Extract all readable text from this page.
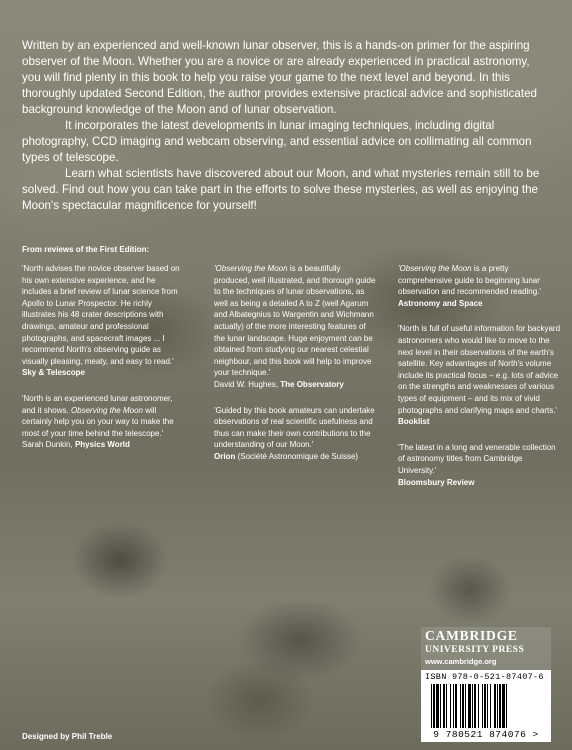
Written by an experienced and well-known lunar observer, this is a hands-on primer for the aspiring observer of the Moon. Whether you are a novice or are already experienced in practical astronomy, you will find plenty in this book to help you raise your game to the next level and beyond. In this thoroughly updated Second Edition, the author provides extensive practical advice and sophisticated background knowledge of the Moon and of lunar observation.

It incorporates the latest developments in lunar imaging techniques, including digital photography, CCD imaging and webcam observing, and essential advice on collimating all common types of telescope.

Learn what scientists have discovered about our Moon, and what mysteries remain still to be solved. Find out how you can take part in the efforts to solve these mysteries, as well as enjoying the Moon's spectacular magnificence for yourself!

From reviews of the First Edition:
'North advises the novice observer based on his own extensive experience, and he includes a brief review of lunar science from Apollo to Lunar Prospector. He richly illustrates his 48 crater descriptions with drawings, amateur and professional photographs, and spacecraft images ... I recommend North's observing guide as visually pleasing, meaty, and easy to read.'
Sky & Telescope
'North is an experienced lunar astronomer, and it shows. Observing the Moon will certainly help you on your way to make the most of your time behind the telescope.'
Sarah Dunkin, Physics World
'Observing the Moon is a beautifully produced, well illustrated, and thorough guide to the techniques of lunar observations, as well as being a detailed A to Z (well Agarum and Albategnius to Wargentin and Wichmann actually) of the more interesting features of the lunar landscape. Huge enjoyment can be obtained from studying our nearest celestial neighbour, and this book will help to improve your technique.'
David W. Hughes, The Observatory
'Guided by this book amateurs can undertake observations of real scientific usefulness and thus can make their own contributions to the understanding of our Moon.'
Orion (Société Astronomique de Suisse)
'Observing the Moon is a pretty comprehensive guide to beginning lunar observation and recommended reading.'
Astronomy and Space
'North is full of useful information for backyard astronomers who would like to move to the next level in their observations of the earth's satellite. Key advantages of North's volume include its practical focus – e.g. lots of advice on the strengths and weaknesses of various types of equipment – and its mix of vivid photographs and clarifying maps and charts.'
Booklist
'The latest in a long and venerable collection of astronomy titles from Cambridge University.'
Bloomsbury Review
CAMBRIDGE
UNIVERSITY PRESS
www.cambridge.org
ISBN 978-0-521-87407-6
9 780521 874076 >
Designed by Phil Treble
